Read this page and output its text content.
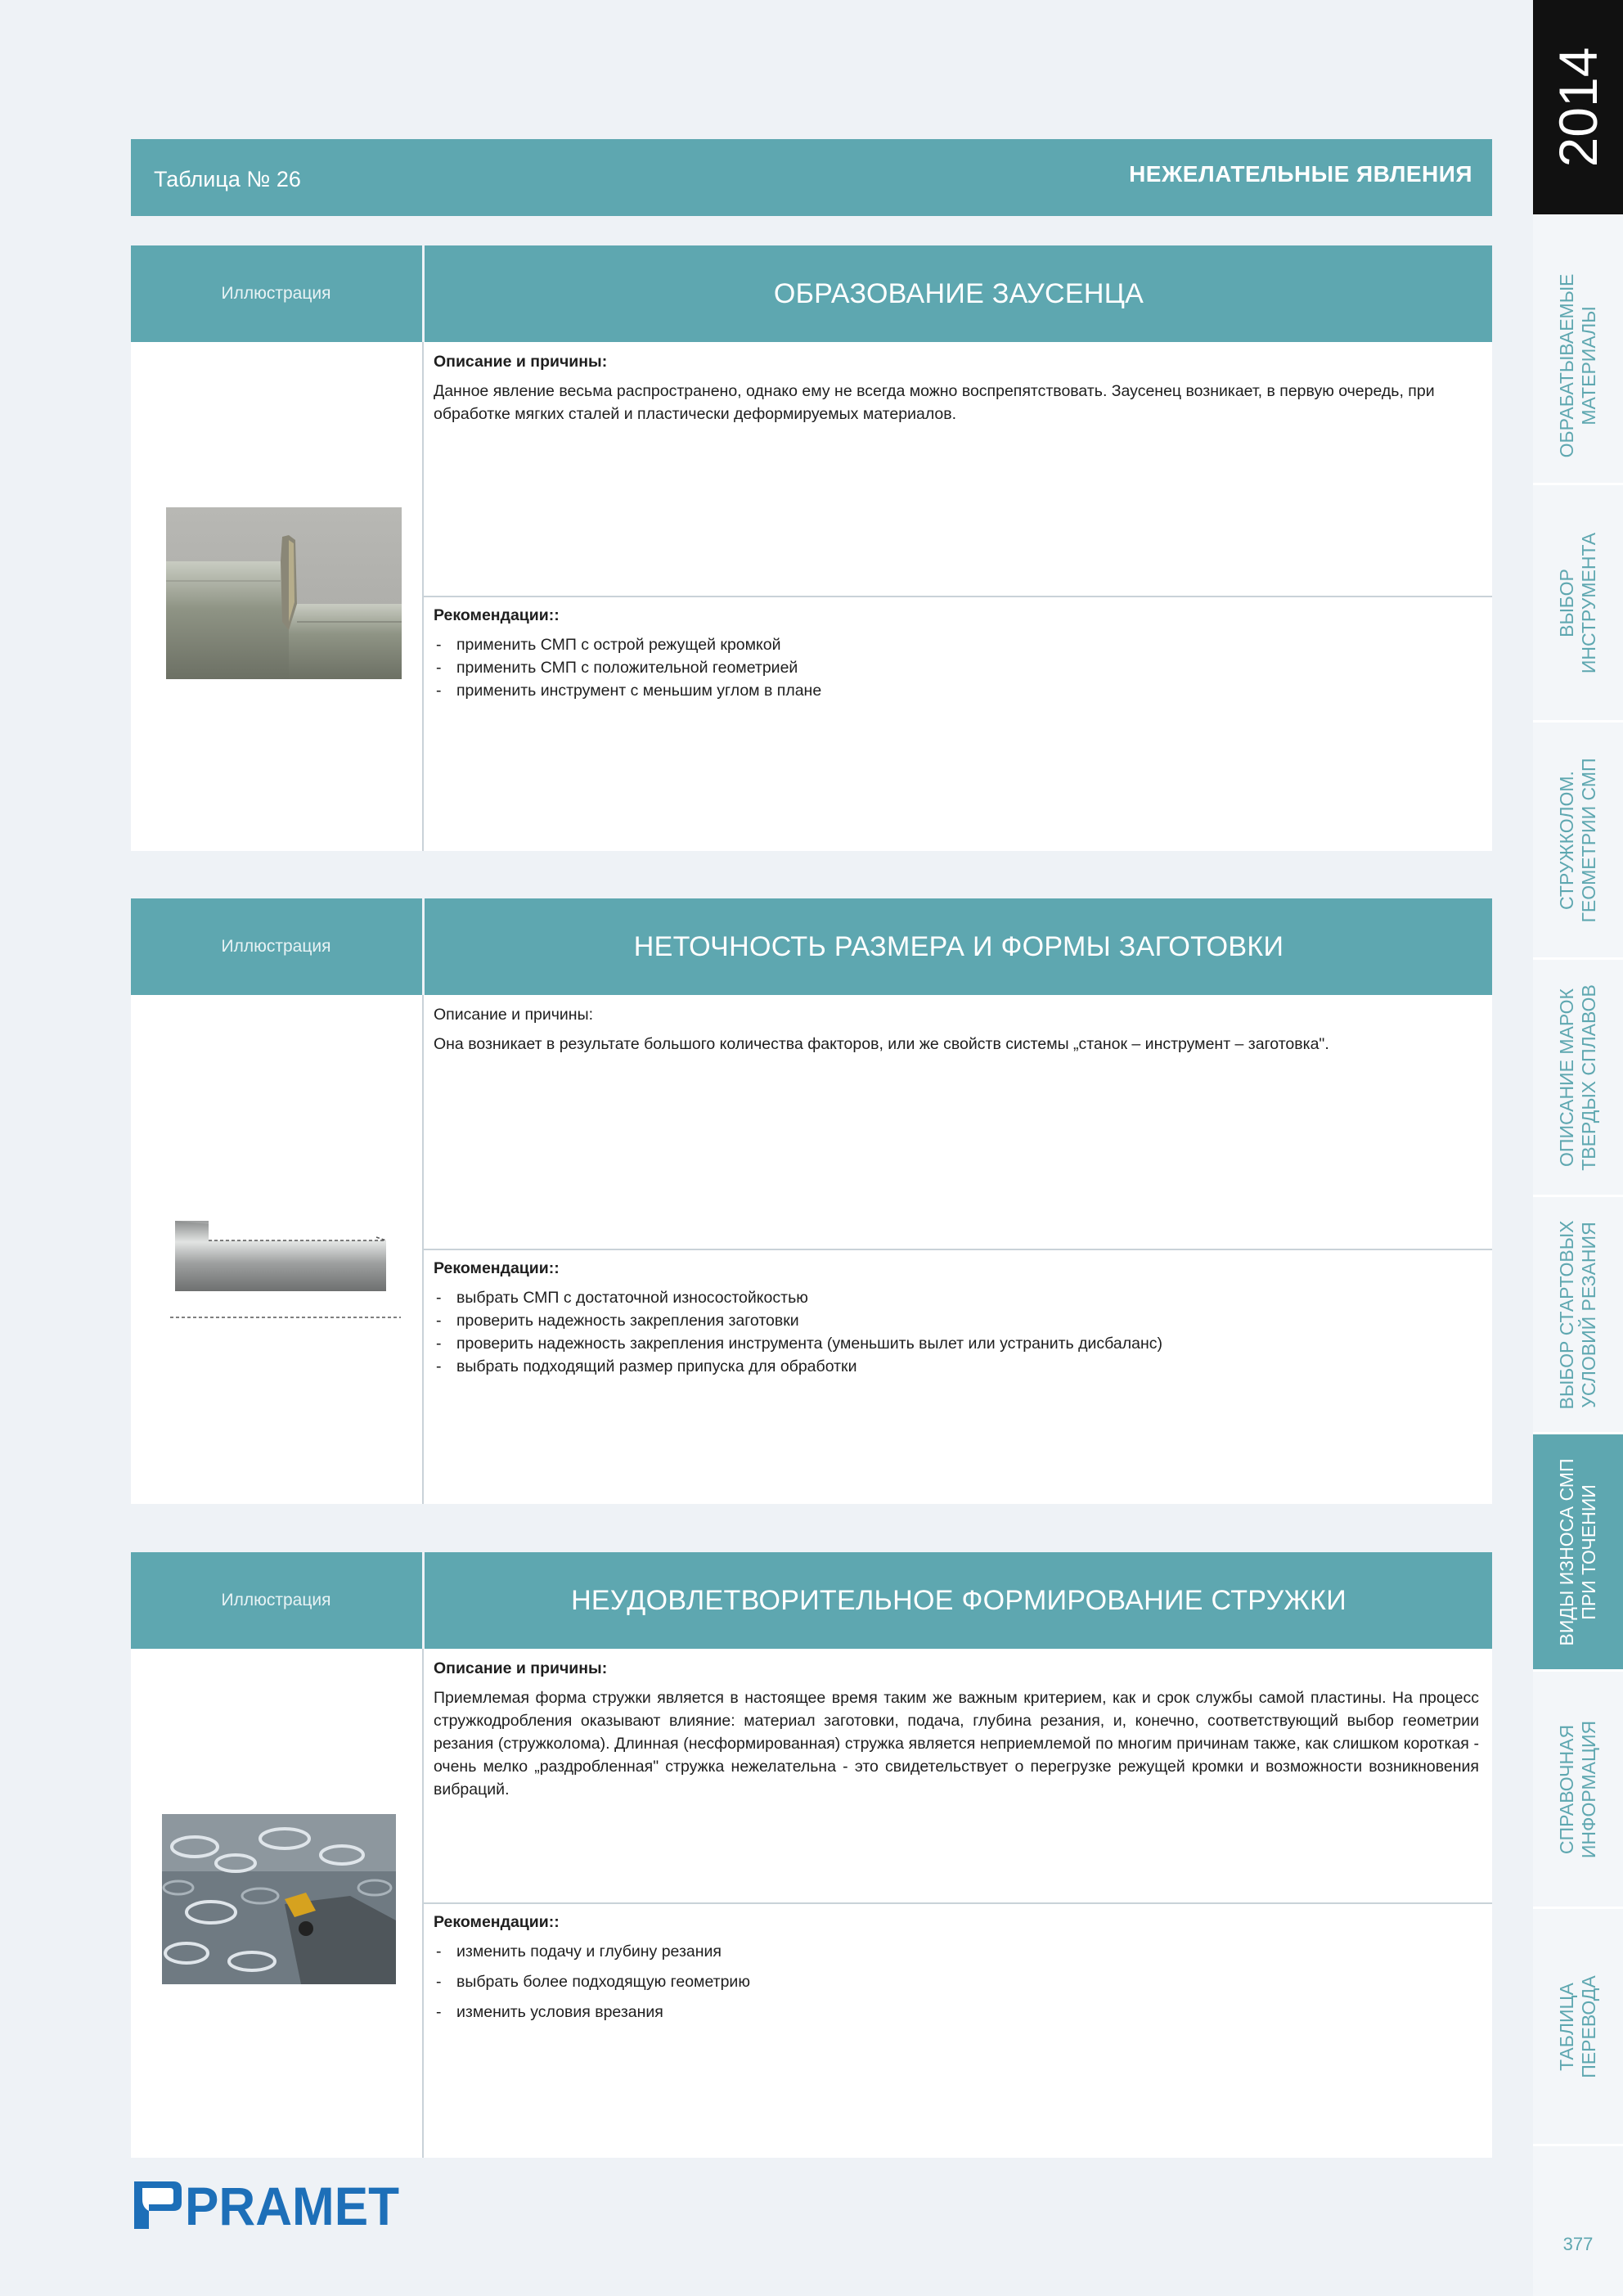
Таблица № 26	НЕЖЕЛАТЕЛЬНЫЕ ЯВЛЕНИЯ
Иллюстрация	ОБРАЗОВАНИЕ ЗАУСЕНЦА
Описание и причины:
Данное явление весьма распространено, однако ему не всегда можно воспрепятствовать. Заусенец возникает, в первую очередь, при обработке мягких сталей и пластически деформируемых материалов.
Рекомендации::
- применить СМП с острой режущей кромкой
- применить СМП с положительной геометрией
- применить инструмент с меньшим углом в плане
Иллюстрация	НЕТОЧНОСТЬ РАЗМЕРА И ФОРМЫ ЗАГОТОВКИ
Описание и причины:
Она возникает в результате большого количества факторов, или же свойств системы „станок – инструмент – заготовка".
Рекомендации::
- выбрать СМП с достаточной износостойкостью
- проверить надежность закрепления заготовки
- проверить надежность закрепления инструмента (уменьшить вылет или устранить дисбаланс)
- выбрать подходящий размер припуска для обработки
Иллюстрация	НЕУДОВЛЕТВОРИТЕЛЬНОЕ ФОРМИРОВАНИЕ СТРУЖКИ
Описание и причины:
Приемлемая форма стружки является в настоящее время таким же важным критерием, как и срок службы самой пластины. На процесс стружкодробления оказывают влияние: материал заготовки, подача, глубина резания, и, конечно, соответствующий выбор геометрии резания (стружколома). Длинная (несформированная) стружка является неприемлемой по многим причинам также, как слишком короткая - очень мелко „раздробленная" стружка нежелательна - это свидетельствует о перегрузке режущей кромки и возможности возникновения вибраций.
Рекомендации::
- изменить подачу и глубину резания
- выбрать более подходящую геометрию
- изменить условия врезания
PRAMET
2014
ОБРАБАТЫВАЕМЫЕ МАТЕРИАЛЫ
ВЫБОР ИНСТРУМЕНТА
СТРУЖКОЛОМ. ГЕОМЕТРИИ СМП
ОПИСАНИЕ МАРОК ТВЕРДЫХ СПЛАВОВ
ВЫБОР СТАРТОВЫХ УСЛОВИЙ РЕЗАНИЯ
ВИДЫ ИЗНОСА СМП ПРИ ТОЧЕНИИ
СПРАВОЧНАЯ ИНФОРМАЦИЯ
ТАБЛИЦА ПЕРЕВОДА
377
